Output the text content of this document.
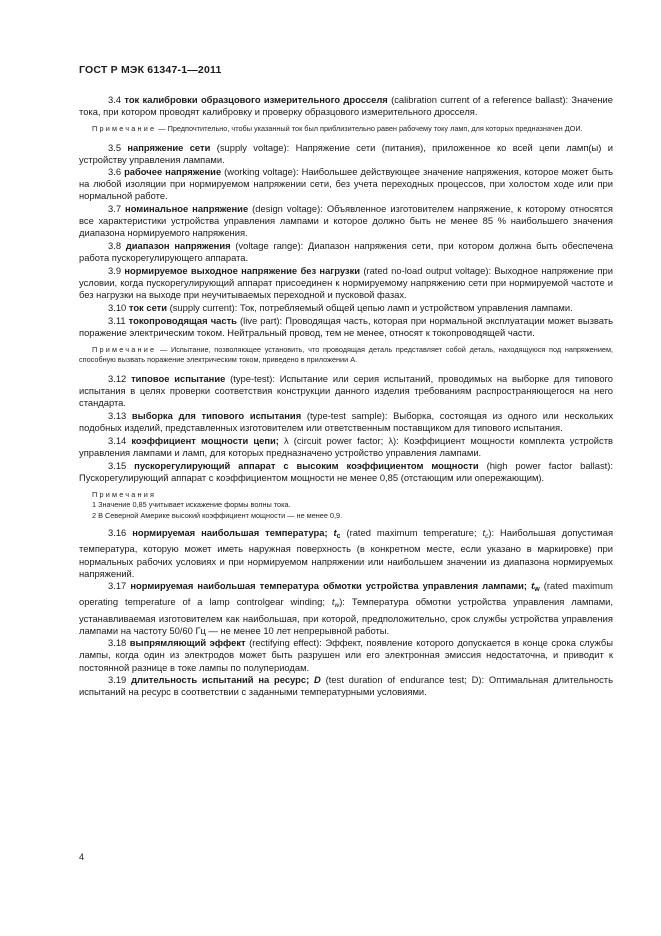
ГОСТ Р МЭК 61347-1—2011

3.4 ток калибровки образцового измерительного дросселя (calibration current of a reference ballast): Значение тока, при котором проводят калибровку и проверку образцового измерительного дросселя.

Примечание — Предпочтительно, чтобы указанный ток был приблизительно равен рабочему току ламп, для которых предназначен ДОИ.

3.5 напряжение сети (supply voltage): Напряжение сети (питания), приложенное ко всей цепи ламп(ы) и устройству управления лампами.

3.6 рабочее напряжение (working voltage): Наибольшее действующее значение напряжения, которое может быть на любой изоляции при нормируемом напряжении сети, без учета переходных процессов, при холостом ходе или при нормальной работе.

3.7 номинальное напряжение (design voltage): Объявленное изготовителем напряжение, к которому относятся все характеристики устройства управления лампами и которое должно быть не менее 85 % наибольшего значения диапазона нормируемого напряжения.

3.8 диапазон напряжения (voltage range): Диапазон напряжения сети, при котором должна быть обеспечена работа пускорегулирующего аппарата.

3.9 нормируемое выходное напряжение без нагрузки (rated no-load output voltage): Выходное напряжение при условии, когда пускорегулирующий аппарат присоединен к нормируемому напряжению сети при нормируемой частоте и без нагрузки на выходе при неучитываемых переходной и пусковой фазах.

3.10 ток сети (supply current): Ток, потребляемый общей цепью ламп и устройством управления лампами.

3.11 токопроводящая часть (live part): Проводящая часть, которая при нормальной эксплуатации может вызвать поражение электрическим током. Нейтральный провод, тем не менее, относят к токопроводящей части.

Примечание — Испытание, позволяющее установить, что проводящая деталь представляет собой деталь, находящуюся под напряжением, способную вызвать поражение электрическим током, приведено в приложении А.

3.12 типовое испытание (type-test): Испытание или серия испытаний, проводимых на выборке для типового испытания в целях проверки соответствия конструкции данного изделия требованиям распространяющегося на него стандарта.

3.13 выборка для типового испытания (type-test sample): Выборка, состоящая из одного или нескольких подобных изделий, представленных изготовителем или ответственным поставщиком для типового испытания.

3.14 коэффициент мощности цепи; λ (circuit power factor; λ): Коэффициент мощности комплекта устройств управления лампами и ламп, для которых предназначено устройство управления лампами.

3.15 пускорегулирующий аппарат с высоким коэффициентом мощности (high power factor ballast): Пускорегулирующий аппарат с коэффициентом мощности не менее 0,85 (отстающим или опережающим).

Примечания
1 Значение 0,85 учитывает искажение формы волны тока.
2 В Северной Америке высокий коэффициент мощности — не менее 0,9.

3.16 нормируемая наибольшая температура; $t_c$ (rated maximum temperature; $t_c$): Наибольшая допустимая температура, которую может иметь наружная поверхность (в конкретном месте, если указано в маркировке) при нормальных рабочих условиях и при нормируемом напряжении или наибольшем значении из диапазона нормируемых напряжений.

3.17 нормируемая наибольшая температура обмотки устройства управления лампами; $t_w$ (rated maximum operating temperature of a lamp controlgear winding; $t_w$): Температура обмотки устройства управления лампами, устанавливаемая изготовителем как наибольшая, при которой, предположительно, срок службы устройства управления лампами на частоту 50/60 Гц — не менее 10 лет непрерывной работы.

3.18 выпрямляющий эффект (rectifying effect): Эффект, появление которого допускается в конце срока службы лампы, когда один из электродов может быть разрушен или его электронная эмиссия недостаточна, и приводит к постоянной разнице в токе лампы по полупериодам.

3.19 длительность испытаний на ресурс; D (test duration of endurance test; D): Оптимальная длительность испытаний на ресурс в соответствии с заданными температурными условиями.

4
